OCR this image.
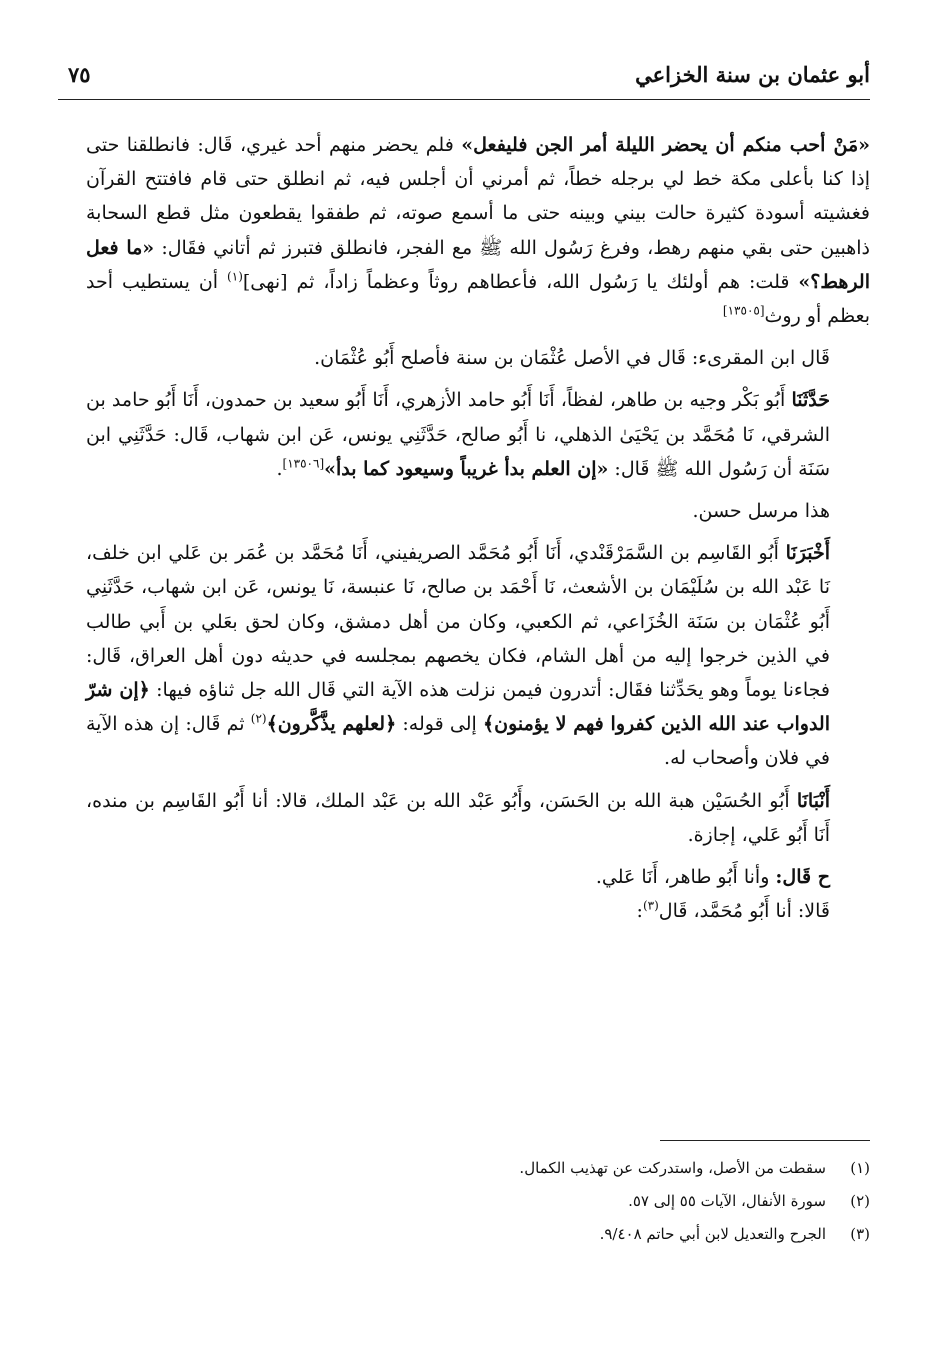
أبو عثمان بن سنة الخزاعي
٧٥

«مَنْ أحب منكم أن يحضر الليلة أمر الجن فليفعل» فلم يحضر منهم أحد غيري، قَال: فانطلقنا حتى إذا كنا بأعلى مكة خط لي برجله خطاً، ثم أمرني أن أجلس فيه، ثم انطلق حتى قام فافتتح القرآن فغشيته أسودة كثيرة حالت بيني وبينه حتى ما أسمع صوته، ثم طفقوا يقطعون مثل قطع السحابة ذاهبين حتى بقي منهم رهط، وفرغ رَسُول الله ﷺ مع الفجر، فانطلق فتبرز ثم أتاني فقَال: «ما فعل الرهط؟» قلت: هم أولئك يا رَسُول الله، فأعطاهم روثاً وعظماً زاداً، ثم [نهى]$^{(١)}$ أن يستطيب أحد بعظم أو روث[١٣٥٠٥]

قَال ابن المقرىء: قَال في الأصل عُثْمَان بن سنة فأصلح أَبُو عُثْمَان.

حَدَّثَنَا أَبُو بَكْر وجيه بن طاهر، لفظاً، أَنَا أَبُو حامد الأزهري، أَنَا أَبُو سعيد بن حمدون، أَنَا أَبُو حامد بن الشرقي، نَا مُحَمَّد بن يَحْيَىٰ الذهلي، نا أَبُو صالح، حَدَّثَنِي يونس، عَن ابن شهاب، قَال: حَدَّثَنِي ابن سَنَة أن رَسُول الله ﷺ قَال: «إن العلم بدأ غريباً وسيعود كما بدأ»[١٣٥٠٦].

هذا مرسل حسن.

أَخْبَرَنَا أَبُو القَاسِم بن السَّمَرْقَنْدي، أَنَا أَبُو مُحَمَّد الصريفيني، أَنَا مُحَمَّد بن عُمَر بن عَلي ابن خلف، نَا عَبْد الله بن سُلَيْمَان بن الأشعث، نَا أَحْمَد بن صالح، نَا عنبسة، نَا يونس، عَن ابن شهاب، حَدَّثَنِي أَبُو عُثْمَان بن سَنَة الخُزَاعي، ثم الكعبي، وكان من أهل دمشق، وكان لحق بعَلي بن أَبي طالب في الذين خرجوا إليه من أهل الشام، فكان يخصهم بمجلسه في حديثه دون أهل العراق، قَال: فجاءنا يوماً وهو يحَدِّثنا فقَال: أتدرون فيمن نزلت هذه الآية التي قَال الله جل ثناؤه فيها: ﴿إن شرّ الدواب عند الله الذين كفروا فهم لا يؤمنون﴾ إلى قوله: ﴿لعلهم يذَّكَّرون﴾$^{(٢)}$ ثم قَال: إن هذه الآية في فلان وأصحاب له.

أَنْبَانَا أَبُو الحُسَيْن هبة الله بن الحَسَن، وأَبُو عَبْد الله بن عَبْد الملك، قالا: أنا أَبُو القَاسِم بن منده، أَنَا أَبُو عَلي، إجازة.

ح قَال: وأنا أَبُو طاهر، أَنَا عَلي.

قَالا: أنا أَبُو مُحَمَّد، قَال$^{(٣)}$:

(١)
سقطت من الأصل، واستدركت عن تهذيب الكمال.
(٢)
سورة الأنفال، الآيات ٥٥ إلى ٥٧.
(٣)
الجرح والتعديل لابن أبي حاتم ٩/٤٠٨.
